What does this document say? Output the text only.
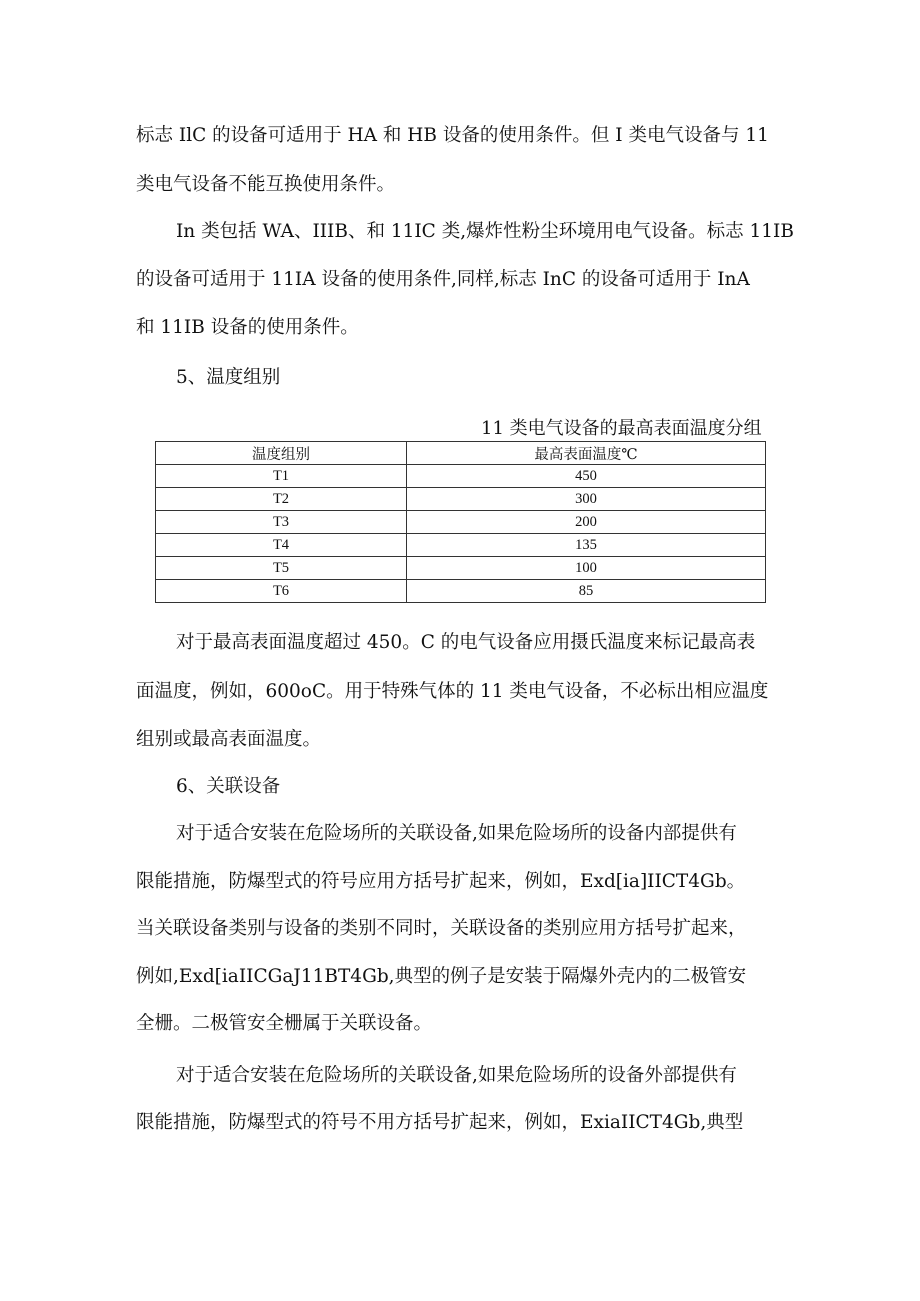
标志 IlC 的设备可适用于 HA 和 HB 设备的使用条件。但 I 类电气设备与 11

类电气设备不能互换使用条件。

In 类包括 WA、IIIB、和 11IC 类,爆炸性粉尘环境用电气设备。标志 11IB

的设备可适用于 11IA 设备的使用条件,同样,标志 InC 的设备可适用于 InA

和 11IB 设备的使用条件。

5、温度组别

11 类电气设备的最高表面温度分组
温度组别	最高表面温度℃
T1	450
T2	300
T3	200
T4	135
T5	100
T6	85

对于最高表面温度超过 450。C 的电气设备应用摄氏温度来标记最高表

面温度，例如，600oC。用于特殊气体的 11 类电气设备，不必标出相应温度

组别或最高表面温度。

6、关联设备

对于适合安装在危险场所的关联设备,如果危险场所的设备内部提供有

限能措施，防爆型式的符号应用方括号扩起来，例如，Exd[ia]IICT4Gb。

当关联设备类别与设备的类别不同时，关联设备的类别应用方括号扩起来，

例如,Exd[iaIICGaJ11BT4Gb,典型的例子是安装于隔爆外壳内的二极管安

全栅。二极管安全栅属于关联设备。

对于适合安装在危险场所的关联设备,如果危险场所的设备外部提供有

限能措施，防爆型式的符号不用方括号扩起来，例如，ExiaIICT4Gb,典型
